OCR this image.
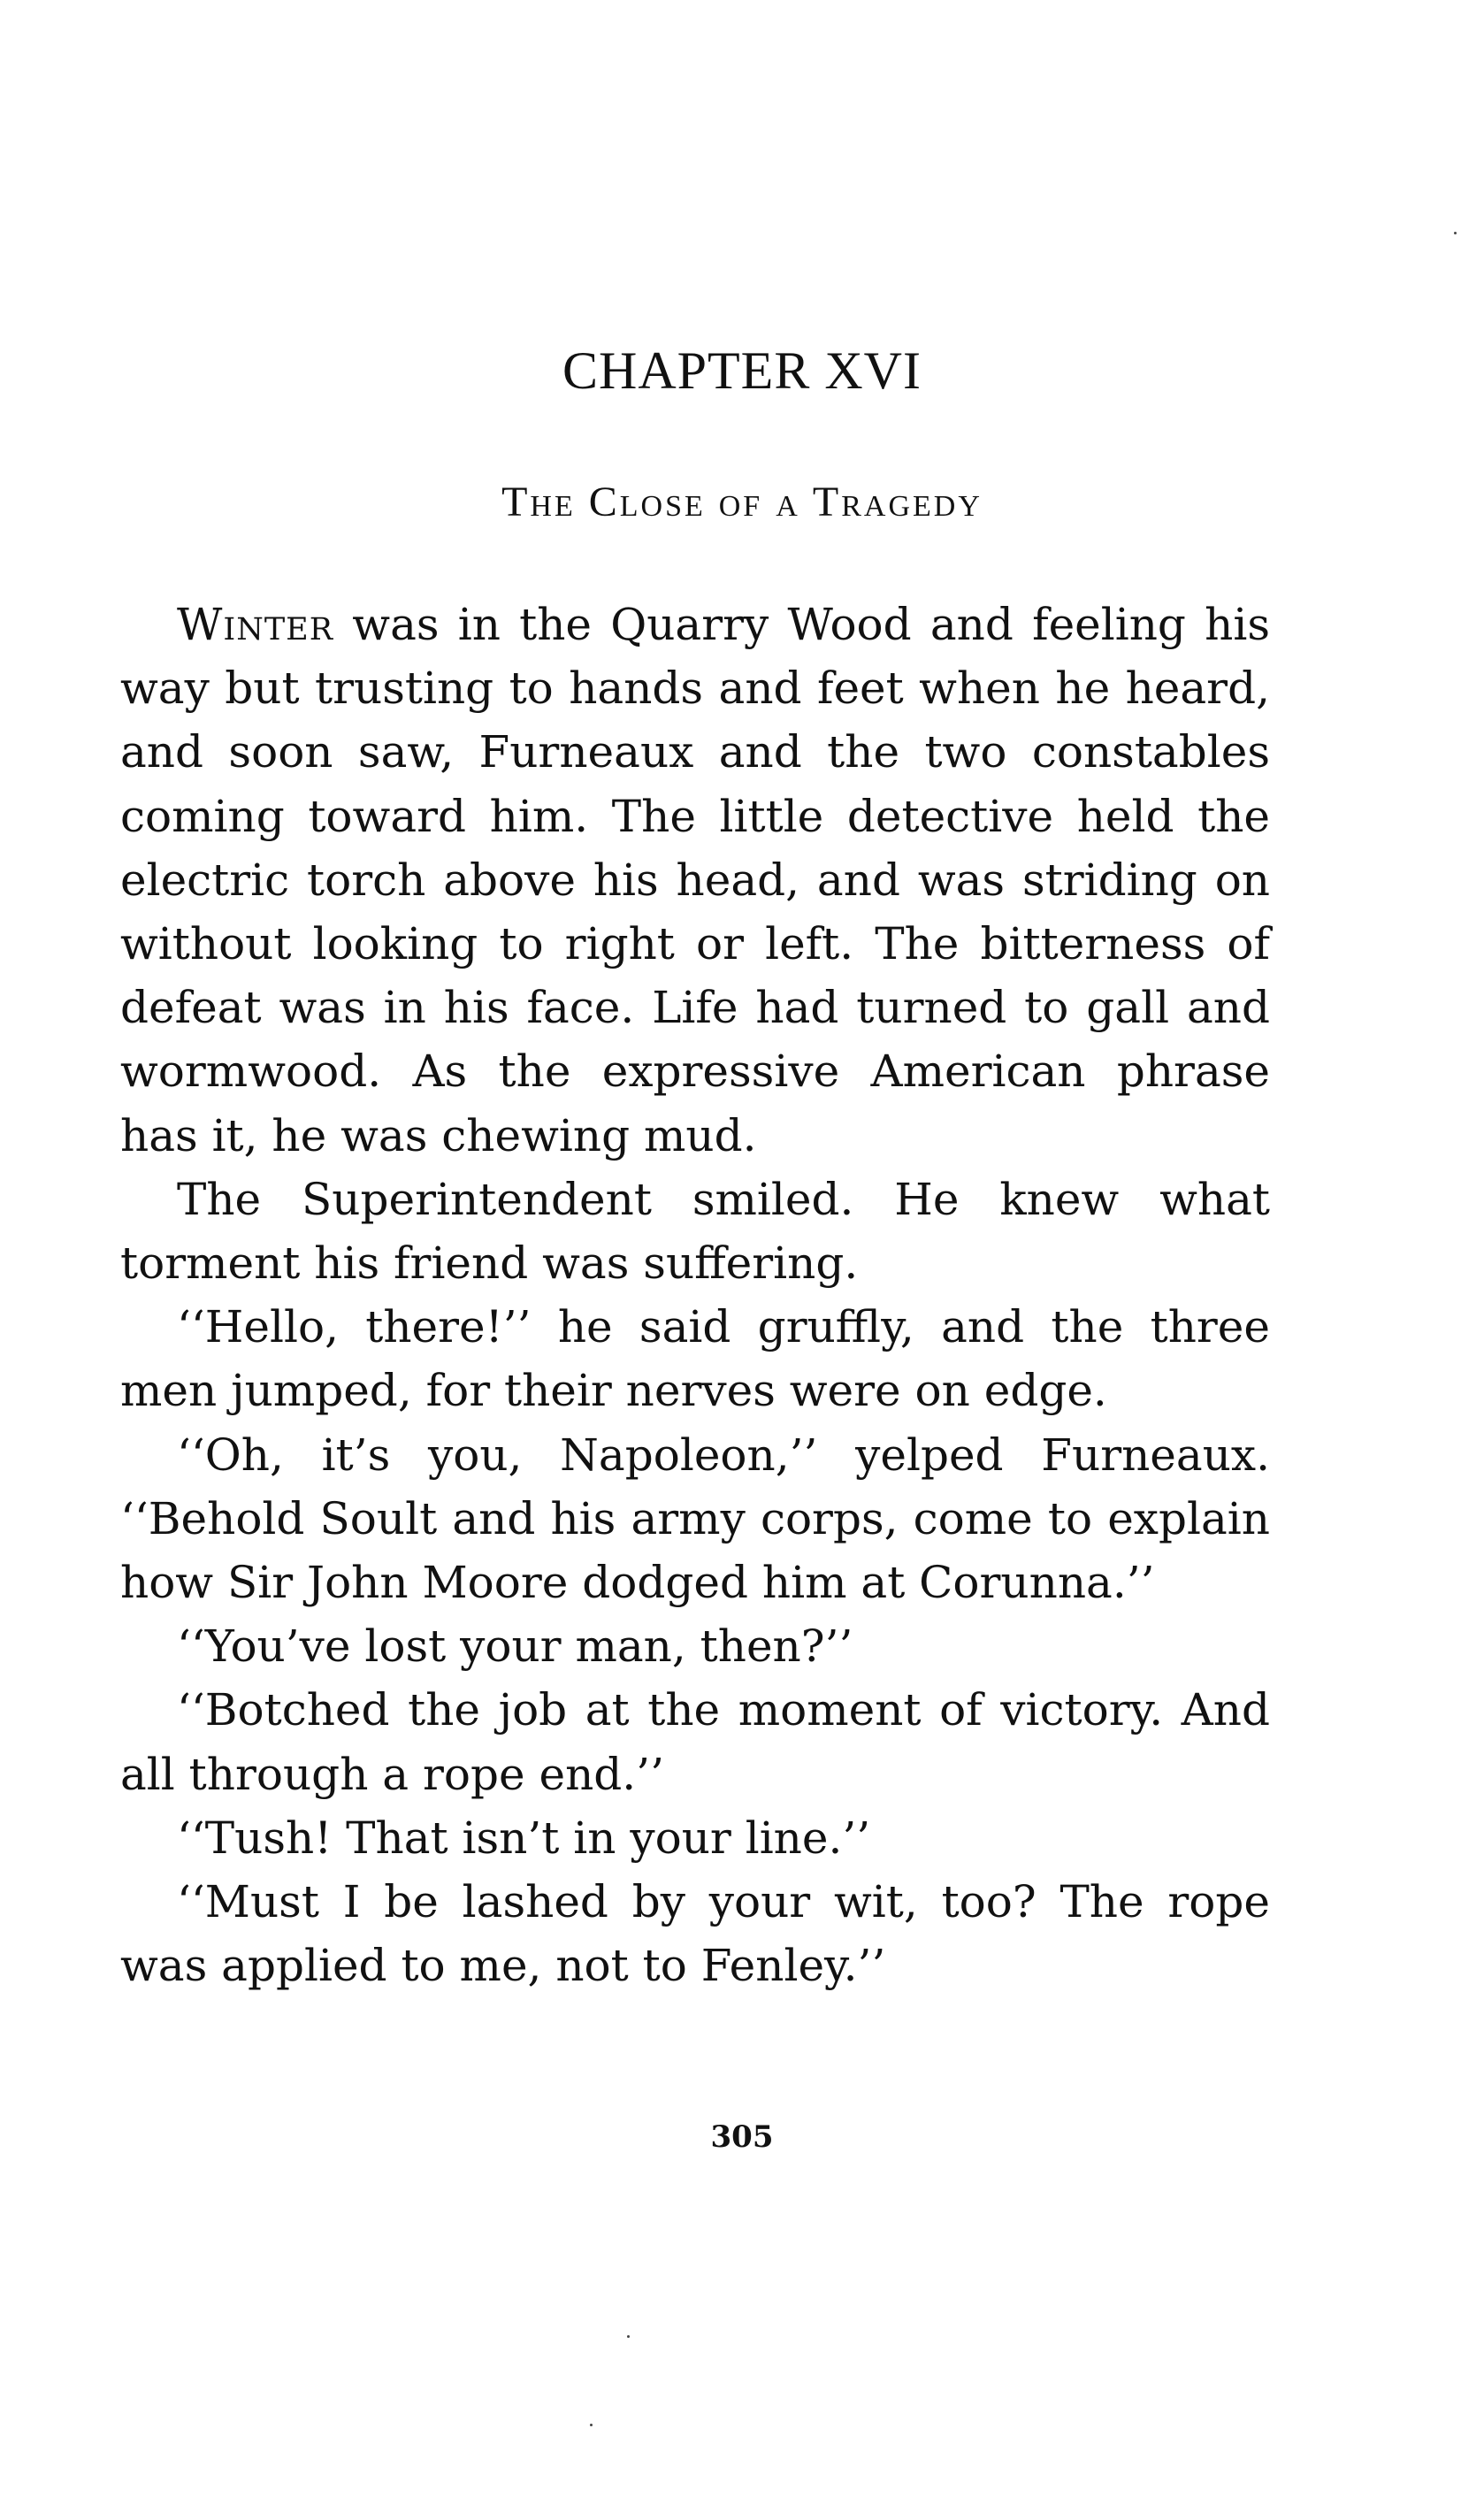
CHAPTER XVI
The Close of a Tragedy

Winter was in the Quarry Wood and feeling his way but trusting to hands and feet when he heard, and soon saw, Furneaux and the two constables coming toward him. The little detective held the electric torch above his head, and was striding on without looking to right or left. The bitterness of defeat was in his face. Life had turned to gall and wormwood. As the expressive American phrase has it, he was chewing mud.

The Superintendent smiled. He knew what torment his friend was suffering.

‘‘Hello, there!’’ he said gruffly, and the three men jumped, for their nerves were on edge.

‘‘Oh, it’s you, Napoleon,’’ yelped Furneaux. ‘‘Behold Soult and his army corps, come to explain how Sir John Moore dodged him at Corunna.’’

‘‘You’ve lost your man, then?’’

‘‘Botched the job at the moment of victory. And all through a rope end.’’

‘‘Tush! That isn’t in your line.’’

‘‘Must I be lashed by your wit, too? The rope was applied to me, not to Fenley.’’

305
